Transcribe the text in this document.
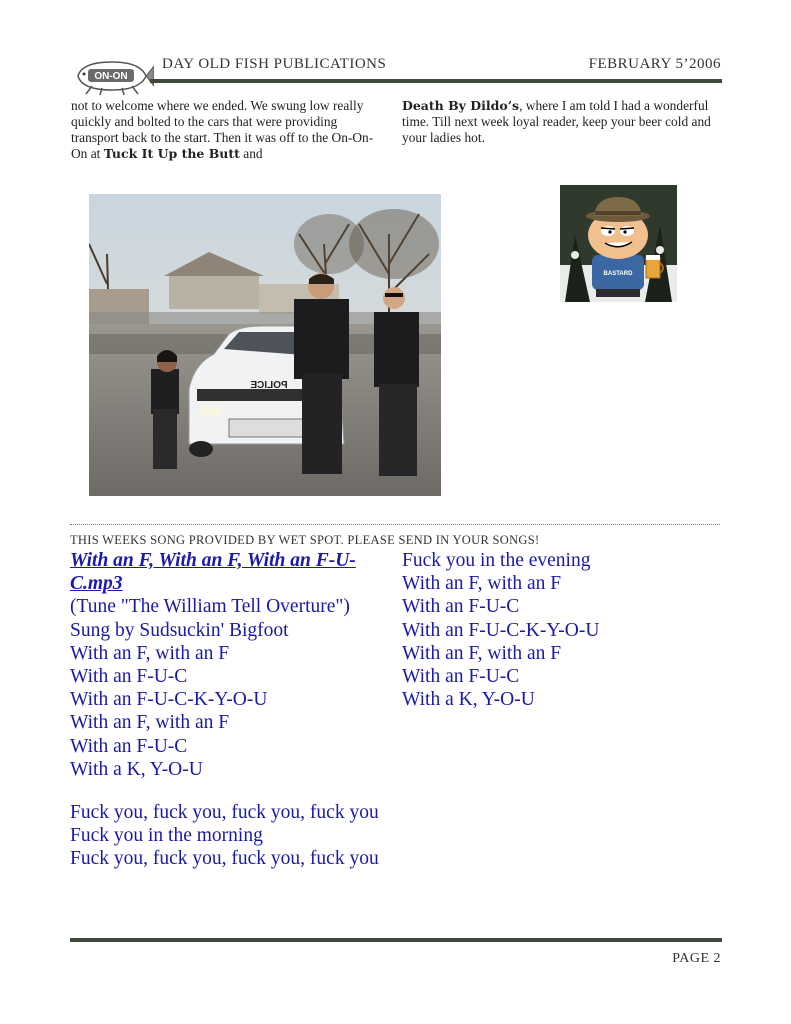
ON-ON
DAY OLD FISH PUBLICATIONS	FEBRUARY 5’2006
not to welcome where we ended. We swung low really quickly and bolted to the cars that were providing transport back to the start. Then it was off to the On-On-On at Tuck It Up the Butt and
Death By Dildo’s, where I am told I had a wonderful time. Till next week loyal reader, keep your beer cold and your ladies hot.
POLICE
BASTARD
THIS WEEKS SONG PROVIDED BY WET SPOT. PLEASE SEND IN YOUR SONGS!
With an F, With an F, With an F-U-C.mp3
(Tune "The William Tell Overture")
Sung by Sudsuckin' Bigfoot
With an F, with an F
With an F-U-C
With an F-U-C-K-Y-O-U
With an F, with an F
With an F-U-C
With a K, Y-O-U
Fuck you, fuck you, fuck you, fuck you
Fuck you in the morning
Fuck you, fuck you, fuck you, fuck you
Fuck you in the evening
With an F, with an F
With an F-U-C
With an F-U-C-K-Y-O-U
With an F, with an F
With an F-U-C
With a K, Y-O-U
PAGE 2
